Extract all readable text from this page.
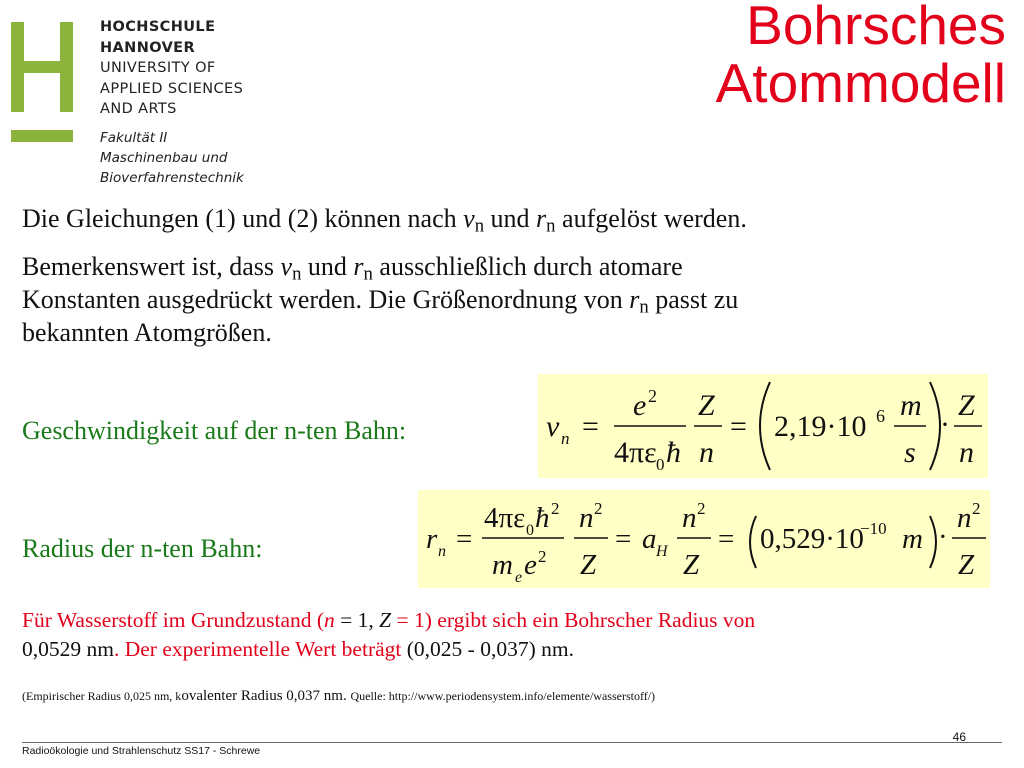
HOCHSCHULE
HANNOVER
UNIVERSITY OF
APPLIED SCIENCES
AND ARTS
Fakultät II
Maschinenbau und
Bioverfahrenstechnik
Bohrsches
Atommodell
Die Gleichungen (1) und (2) können nach $v_n$ und $r_n$ aufgelöst werden.
Bemerkenswert ist, dass $v_n$ und $r_n$ ausschließlich durch atomare
Konstanten ausgedrückt werden. Die Größenordnung von $r_n$ passt zu
bekannten Atomgrößen.
Geschwindigkeit auf der n-ten Bahn:
Radius der n-ten Bahn:
v n =
e 2
4πε 0 ħ
Z
n
= 2,19·10 6 m
s
·
Z
n
r n =
4πε 0 ħ 2
m e e 2
n 2
Z
= a H
n 2
Z
= 0,529·10
−10 m ·
n 2
Z
Für Wasserstoff im Grundzustand (n = 1, Z = 1) ergibt sich ein Bohrscher Radius von
0,0529 nm. Der experimentelle Wert beträgt (0,025 - 0,037) nm.
(Empirischer Radius 0,025 nm, kovalenter Radius 0,037 nm. Quelle: http://www.periodensystem.info/elemente/wasserstoff/)
46
Radioökologie und Strahlenschutz SS17 - Schrewe
